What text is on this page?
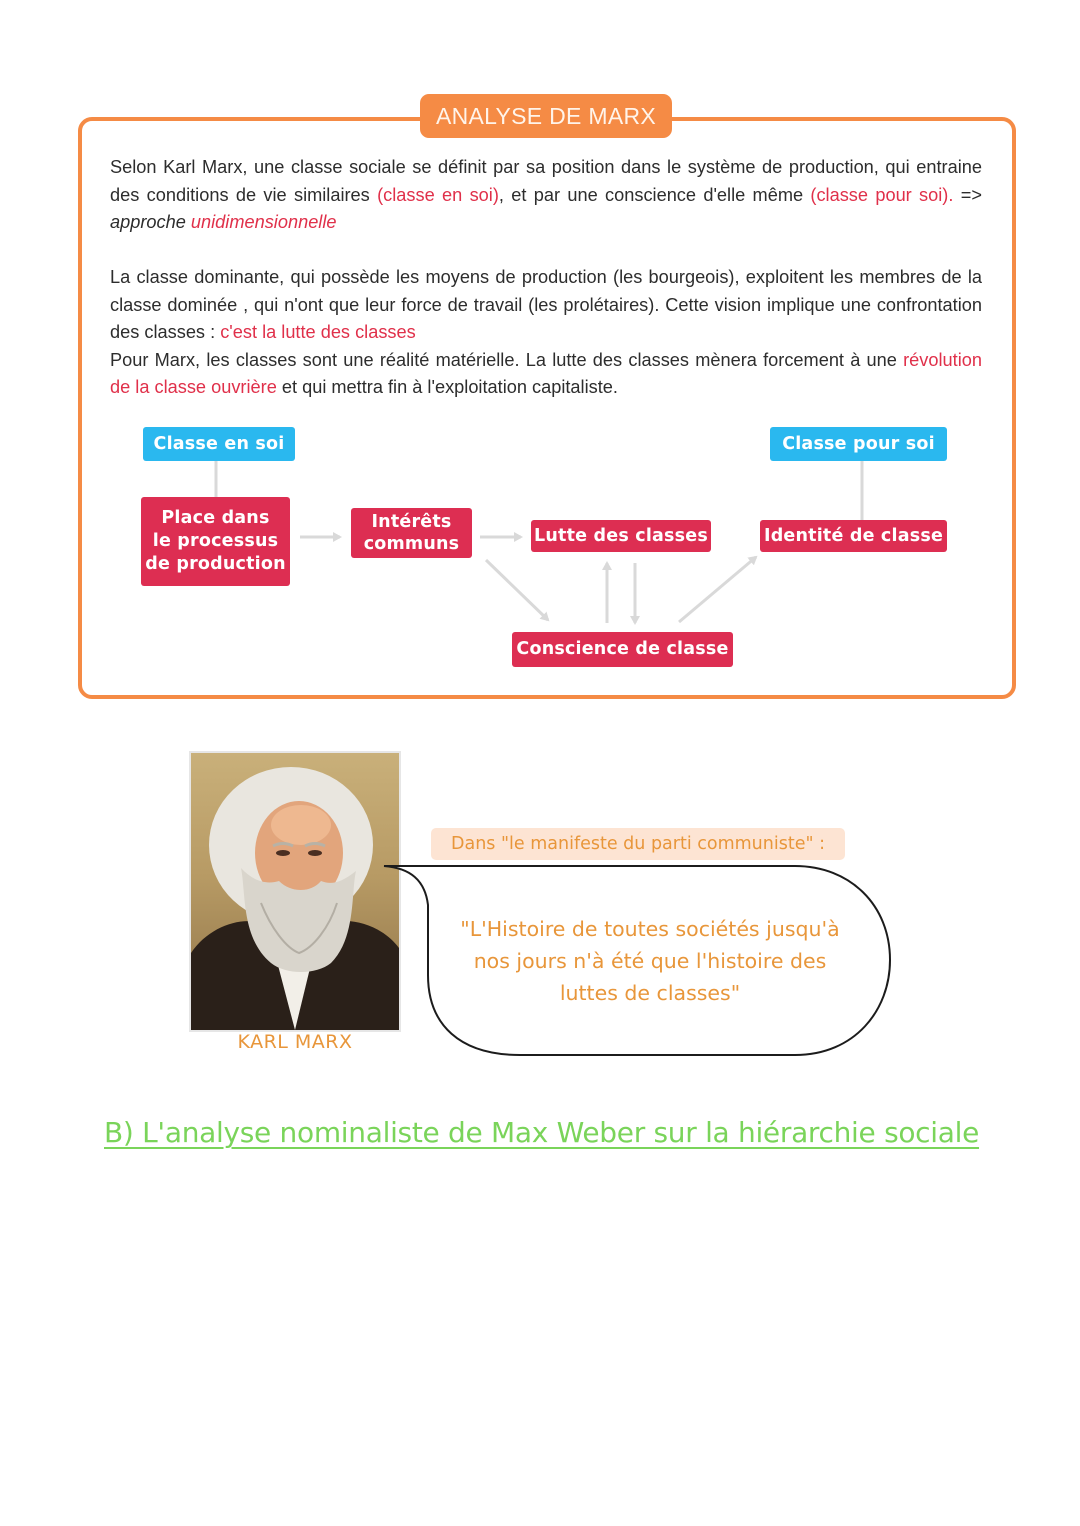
ANALYSE DE MARX
Selon Karl Marx, une classe sociale se définit par sa position dans le système de production, qui entraine des conditions de vie similaires (classe en soi), et par une conscience d'elle même (classe pour soi). => approche unidimensionnelle
La classe dominante, qui possède les moyens de production (les bourgeois), exploitent les membres de la classe dominée , qui n'ont que leur force de travail (les prolétaires). Cette vision implique une confrontation des classes : c'est la lutte des classes
Pour Marx, les classes sont une réalité matérielle. La lutte des classes mènera forcement à une révolution de la classe ouvrière et qui mettra fin à l'exploitation capitaliste.
Classe en soi	Classe pour soi
Place dans
le processus
de production
Intérêts
communs	Lutte des classes	Identité de classe
Conscience de classe
KARL MARX
Dans "le manifeste du parti communiste" :
"L'Histoire de toutes sociétés jusqu'à
nos jours n'à été que l'histoire des
luttes de classes"
B) L'analyse nominaliste de Max Weber sur la hiérarchie sociale
